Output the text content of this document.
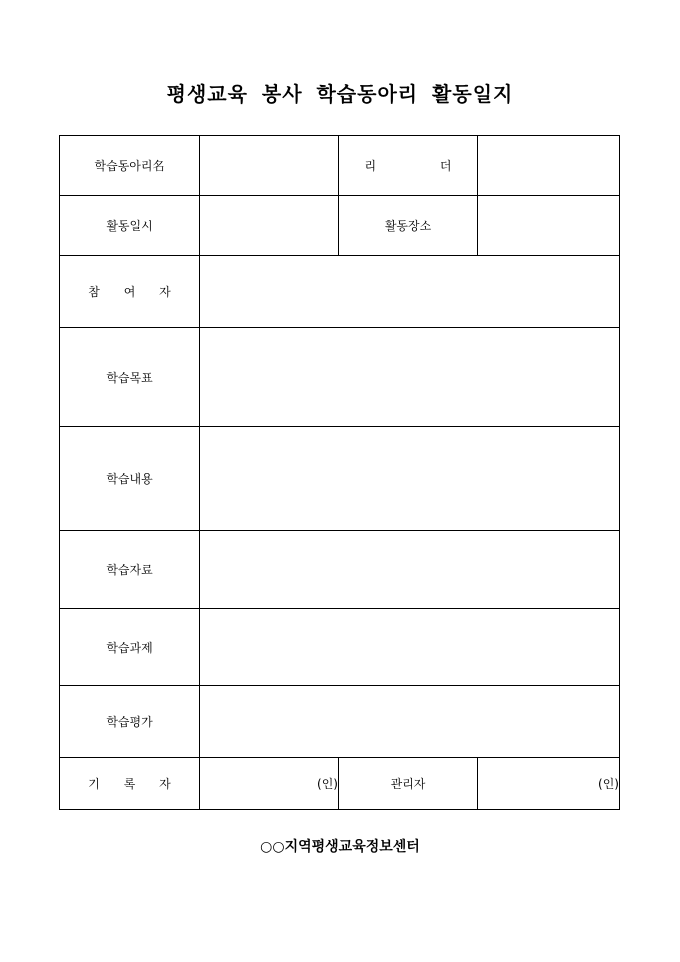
평생교육 봉사 학습동아리 활동일지
학습동아리名		리 더	
활동일시		활동장소	
참 여 자			
학습목표			
학습내용			
학습자료			
학습과제			
학습평가			
기 록 자	(인)	관리자	(인)
○○지역평생교육정보센터
